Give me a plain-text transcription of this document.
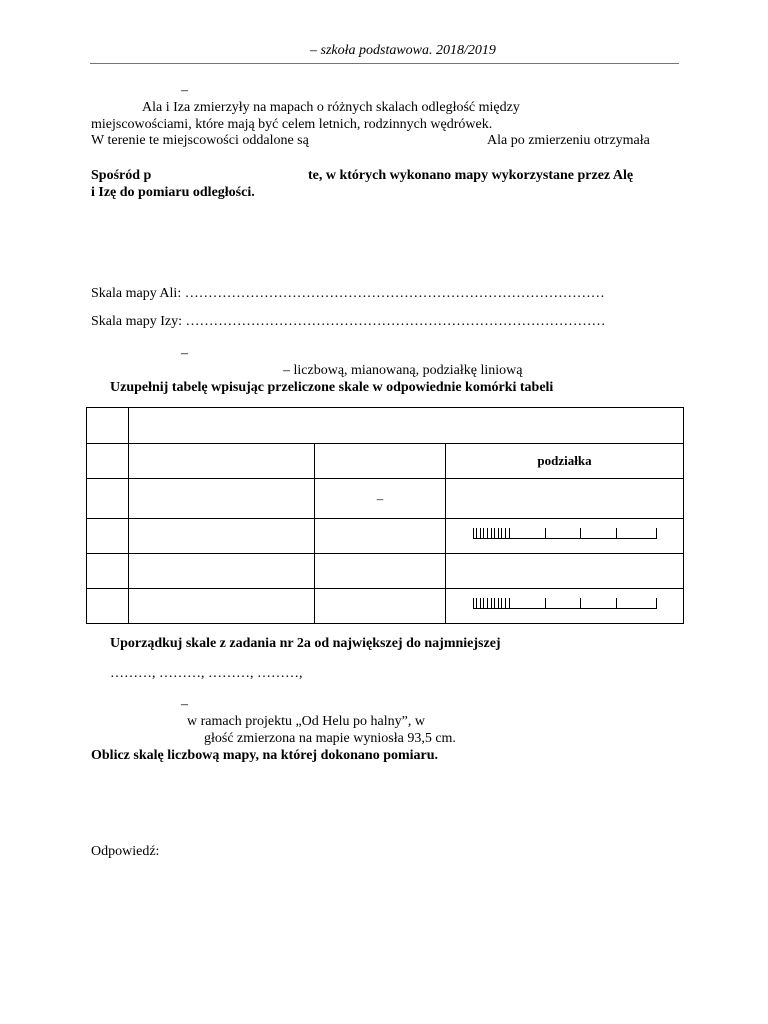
– szkoła podstawowa. 2018/2019
–
Ala i Iza zmierzyły na mapach o różnych skalach odległość między
miejscowościami, które mają być celem letnich, rodzinnych wędrówek.
W terenie te miejscowości oddalone są	Ala po zmierzeniu otrzymała
Spośród p	te, w których wykonano mapy wykorzystane przez Alę
i Izę do pomiaru odległości.
Skala mapy Ali: ………………………………………………………………………………
Skala mapy Izy: ………………………………………………………………………………
–
– liczbową, mianowaną, podziałkę liniową
Uzupełnij tabelę wpisując przeliczone skale w odpowiednie komórki tabeli

			podziałka
		–	

Uporządkuj skale z zadania nr 2a od największej do najmniejszej
………, ………, ………, ………,
–
w ramach projektu „Od Helu po halny”, w
głość zmierzona na mapie wyniosła 93,5 cm.
Oblicz skalę liczbową mapy, na której dokonano pomiaru.
Odpowiedź:
